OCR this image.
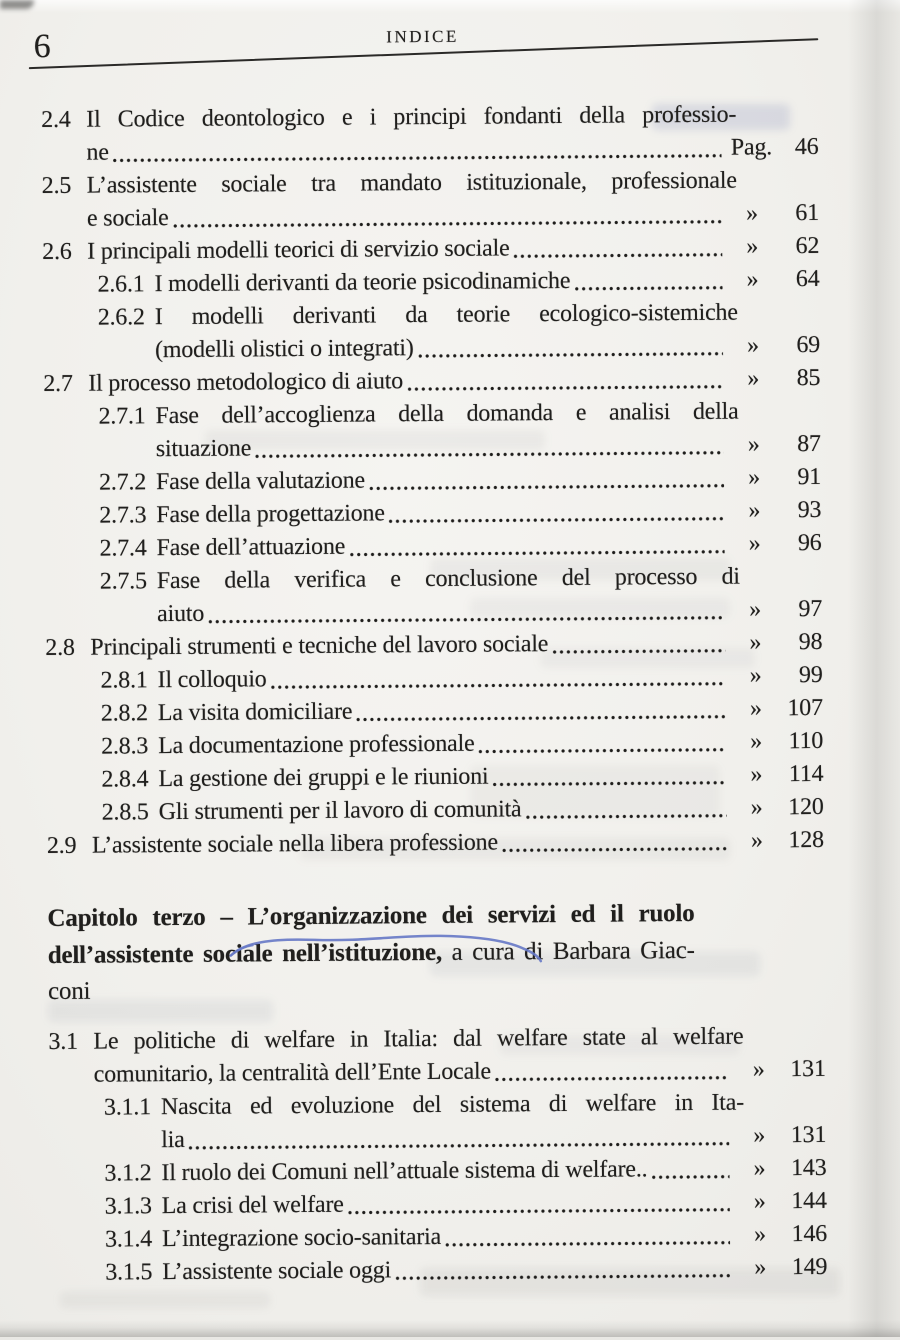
6	INDICE
2.4 Il Codice deontologico e i principi fondanti della professio-
ne	Pag. 46
2.5 L’assistente sociale tra mandato istituzionale, professionale
e sociale	»	61
2.6 I principali modelli teorici di servizio sociale	»	62
2.6.1 I modelli derivanti da teorie psicodinamiche	»	64
2.6.2 I modelli derivanti da teorie ecologico-sistemiche
(modelli olistici o integrati)	»	69
2.7 Il processo metodologico di aiuto	»	85
2.7.1 Fase dell’accoglienza della domanda e analisi della
situazione	»	87
2.7.2 Fase della valutazione	»	91
2.7.3 Fase della progettazione	»	93
2.7.4 Fase dell’attuazione	»	96
2.7.5 Fase della verifica e conclusione del processo di
aiuto	»	97
2.8 Principali strumenti e tecniche del lavoro sociale	»	98
2.8.1 Il colloquio	»	99
2.8.2 La visita domiciliare	»	107
2.8.3 La documentazione professionale	»	110
2.8.4 La gestione dei gruppi e le riunioni	»	114
2.8.5 Gli strumenti per il lavoro di comunità	»	120
2.9 L’assistente sociale nella libera professione	»	128
Capitolo terzo – L’organizzazione dei servizi ed il ruolo
dell’assistente sociale nell’istituzione, a cura di Barbara Giac-
coni
3.1 Le politiche di welfare in Italia: dal welfare state al welfare
comunitario, la centralità dell’Ente Locale	»	131
3.1.1 Nascita ed evoluzione del sistema di welfare in Ita-
lia	»	131
3.1.2 Il ruolo dei Comuni nell’attuale sistema di welfare..	»	143
3.1.3 La crisi del welfare	»	144
3.1.4 L’integrazione socio-sanitaria	»	146
3.1.5 L’assistente sociale oggi	»	149
